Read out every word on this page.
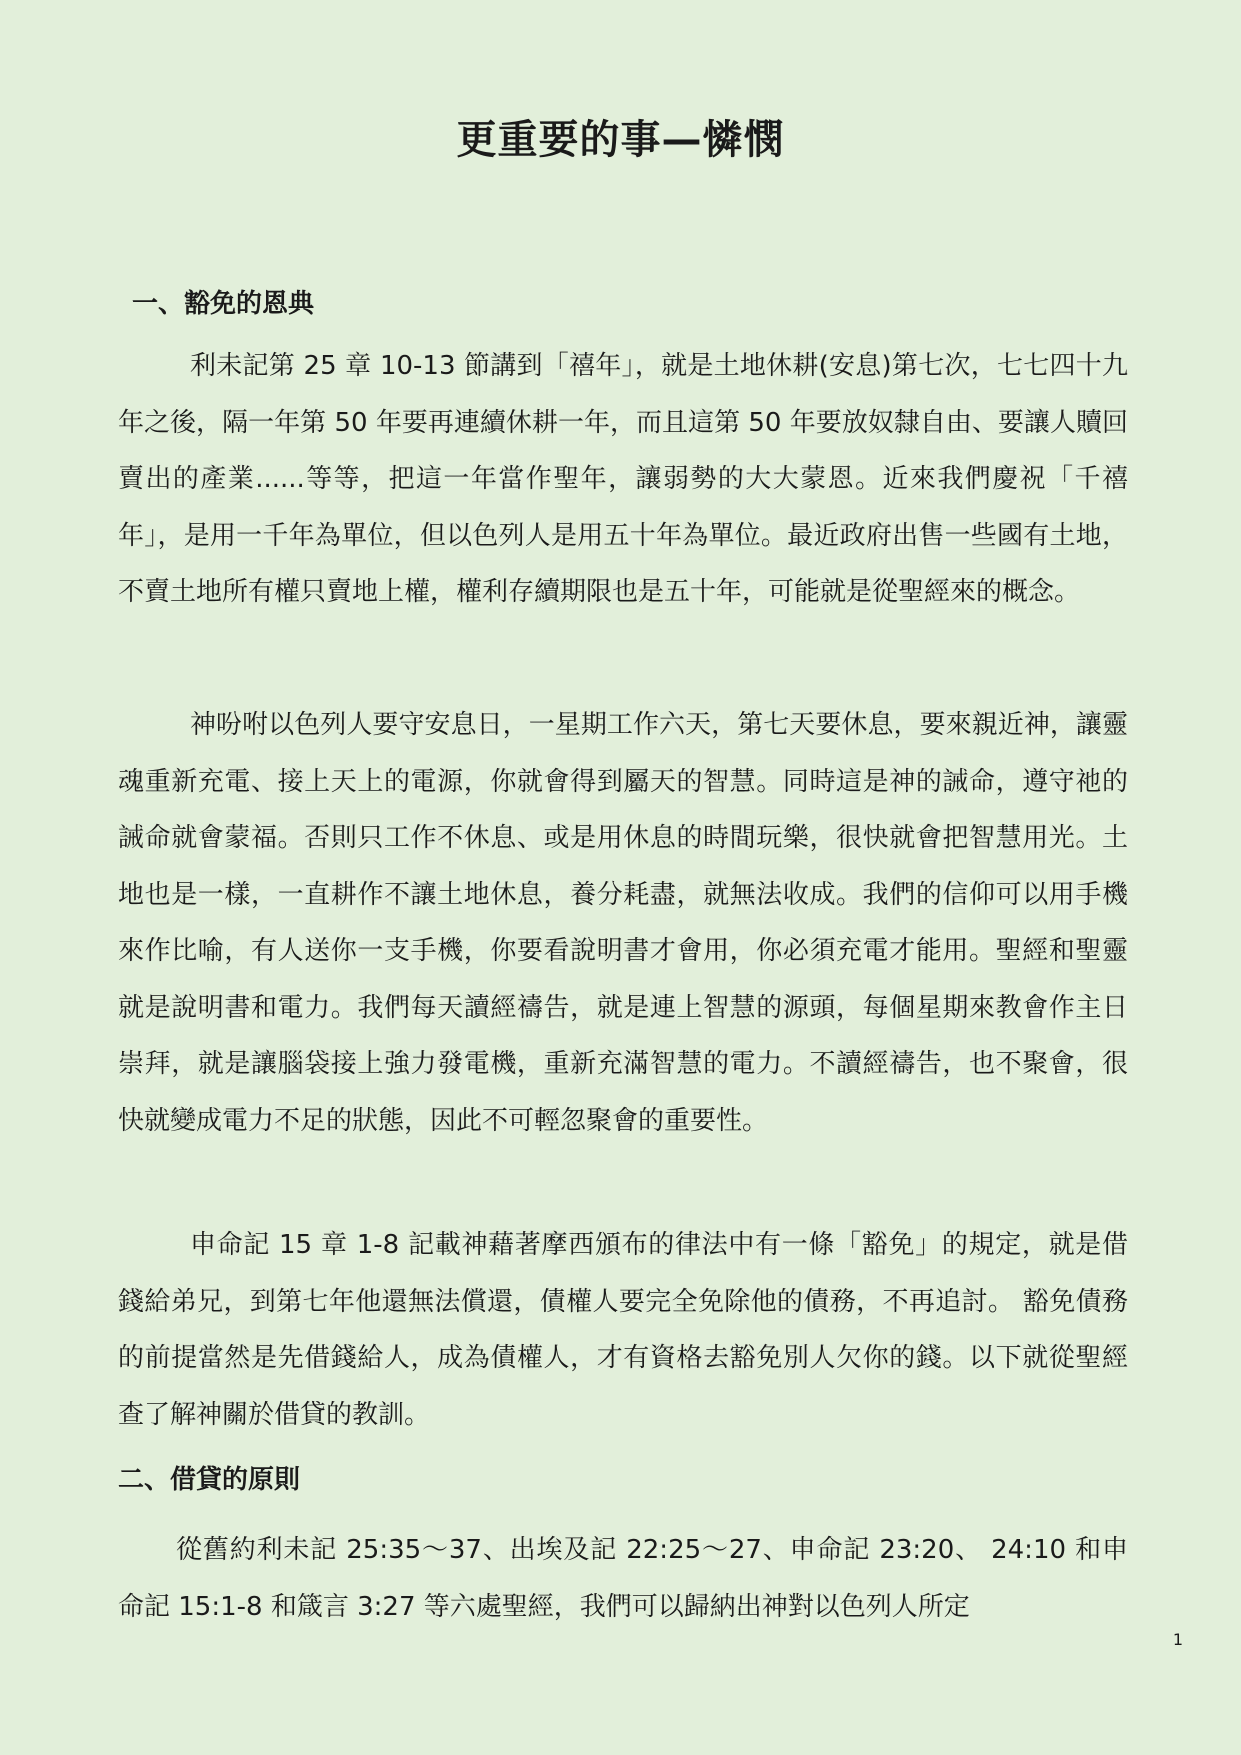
更重要的事—憐憫
一、豁免的恩典

利未記第 25 章 10-13 節講到「禧年」，就是土地休耕(安息)第七次，七七四十九年之後，隔一年第 50 年要再連續休耕一年，而且這第 50 年要放奴隸自由、要讓人贖回賣出的產業......等等，把這一年當作聖年，讓弱勢的大大蒙恩。近來我們慶祝「千禧年」，是用一千年為單位，但以色列人是用五十年為單位。最近政府出售一些國有土地，不賣土地所有權只賣地上權，權利存續期限也是五十年，可能就是從聖經來的概念。

神吩咐以色列人要守安息日，一星期工作六天，第七天要休息，要來親近神，讓靈魂重新充電、接上天上的電源，你就會得到屬天的智慧。同時這是神的誡命，遵守祂的誡命就會蒙福。否則只工作不休息、或是用休息的時間玩樂，很快就會把智慧用光。土地也是一樣，一直耕作不讓土地休息，養分耗盡，就無法收成。我們的信仰可以用手機來作比喻，有人送你一支手機，你要看說明書才會用，你必須充電才能用。聖經和聖靈就是說明書和電力。我們每天讀經禱告，就是連上智慧的源頭，每個星期來教會作主日崇拜，就是讓腦袋接上強力發電機，重新充滿智慧的電力。不讀經禱告，也不聚會，很快就變成電力不足的狀態，因此不可輕忽聚會的重要性。

申命記 15 章 1-8 記載神藉著摩西頒布的律法中有一條「豁免」的規定，就是借錢給弟兄，到第七年他還無法償還，債權人要完全免除他的債務，不再追討。 豁免債務的前提當然是先借錢給人，成為債權人，才有資格去豁免別人欠你的錢。以下就從聖經查了解神關於借貸的教訓。

二、借貸的原則

從舊約利未記 25:35～37、出埃及記 22:25～27、申命記 23:20、 24:10 和申命記 15:1-8 和箴言 3:27 等六處聖經，我們可以歸納出神對以色列人所定

1
